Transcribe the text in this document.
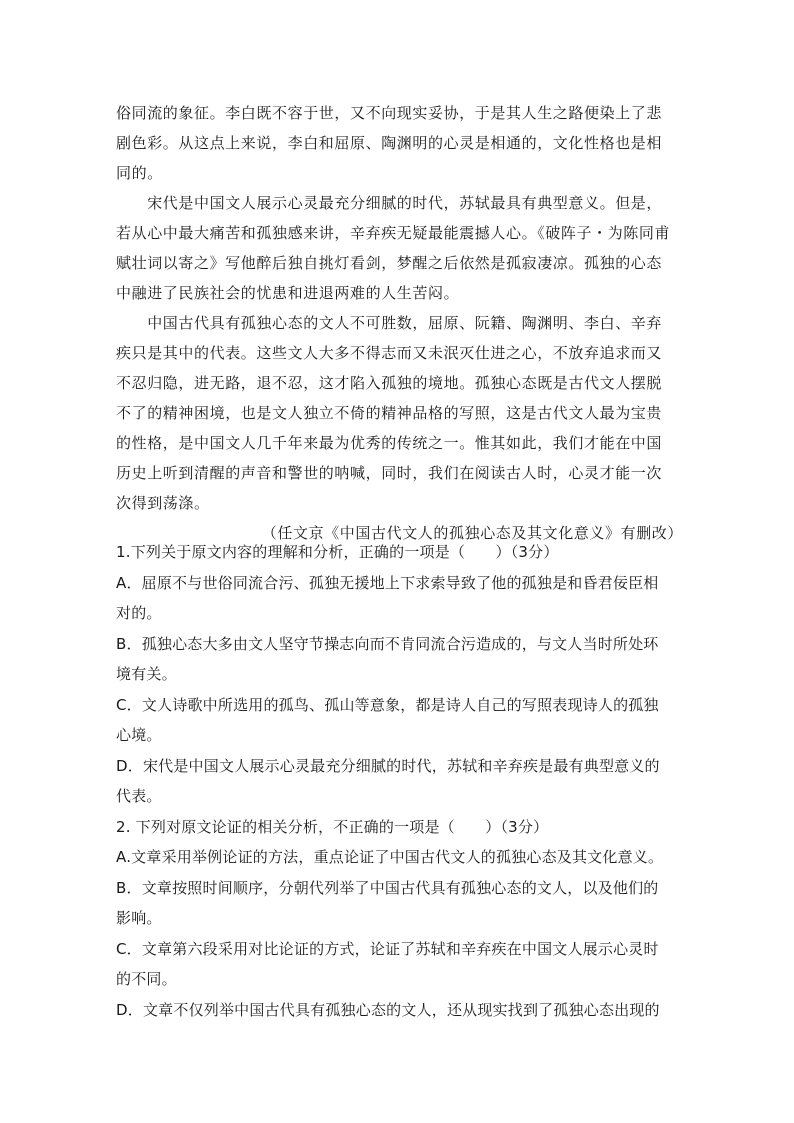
俗同流的象征。李白既不容于世，又不向现实妥协，于是其人生之路便染上了悲
剧色彩。从这点上来说，李白和屈原、陶渊明的心灵是相通的，文化性格也是相
同的。
　　宋代是中国文人展示心灵最充分细腻的时代，苏轼最具有典型意义。但是，
若从心中最大痛苦和孤独感来讲，辛弃疾无疑最能震撼人心。《破阵子・为陈同甫
赋壮词以寄之》写他醉后独自挑灯看剑，梦醒之后依然是孤寂凄凉。孤独的心态
中融进了民族社会的忧患和进退两难的人生苦闷。
　　中国古代具有孤独心态的文人不可胜数，屈原、阮籍、陶渊明、李白、辛弃
疾只是其中的代表。这些文人大多不得志而又未泯灭仕进之心，不放弃追求而又
不忍归隐，进无路，退不忍，这才陷入孤独的境地。孤独心态既是古代文人摆脱
不了的精神困境，也是文人独立不倚的精神品格的写照，这是古代文人最为宝贵
的性格，是中国文人几千年来最为优秀的传统之一。惟其如此，我们才能在中国
历史上听到清醒的声音和警世的呐喊，同时，我们在阅读古人时，心灵才能一次
次得到荡涤。
（任文京《中国古代文人的孤独心态及其文化意义》有删改）
1.下列关于原文内容的理解和分析，正确的一项是（　　）（3分）
A．屈原不与世俗同流合污、孤独无援地上下求索导致了他的孤独是和昏君佞臣相
对的。
B．孤独心态大多由文人坚守节操志向而不肯同流合污造成的，与文人当时所处环
境有关。
C．文人诗歌中所选用的孤鸟、孤山等意象，都是诗人自己的写照表现诗人的孤独
心境。
D．宋代是中国文人展示心灵最充分细腻的时代，苏轼和辛弃疾是最有典型意义的
代表。
2. 下列对原文论证的相关分析，不正确的一项是（　　）（3分）
A.文章采用举例论证的方法，重点论证了中国古代文人的孤独心态及其文化意义。
B．文章按照时间顺序，分朝代列举了中国古代具有孤独心态的文人，以及他们的
影响。
C．文章第六段采用对比论证的方式，论证了苏轼和辛弃疾在中国文人展示心灵时
的不同。
D．文章不仅列举中国古代具有孤独心态的文人，还从现实找到了孤独心态出现的
